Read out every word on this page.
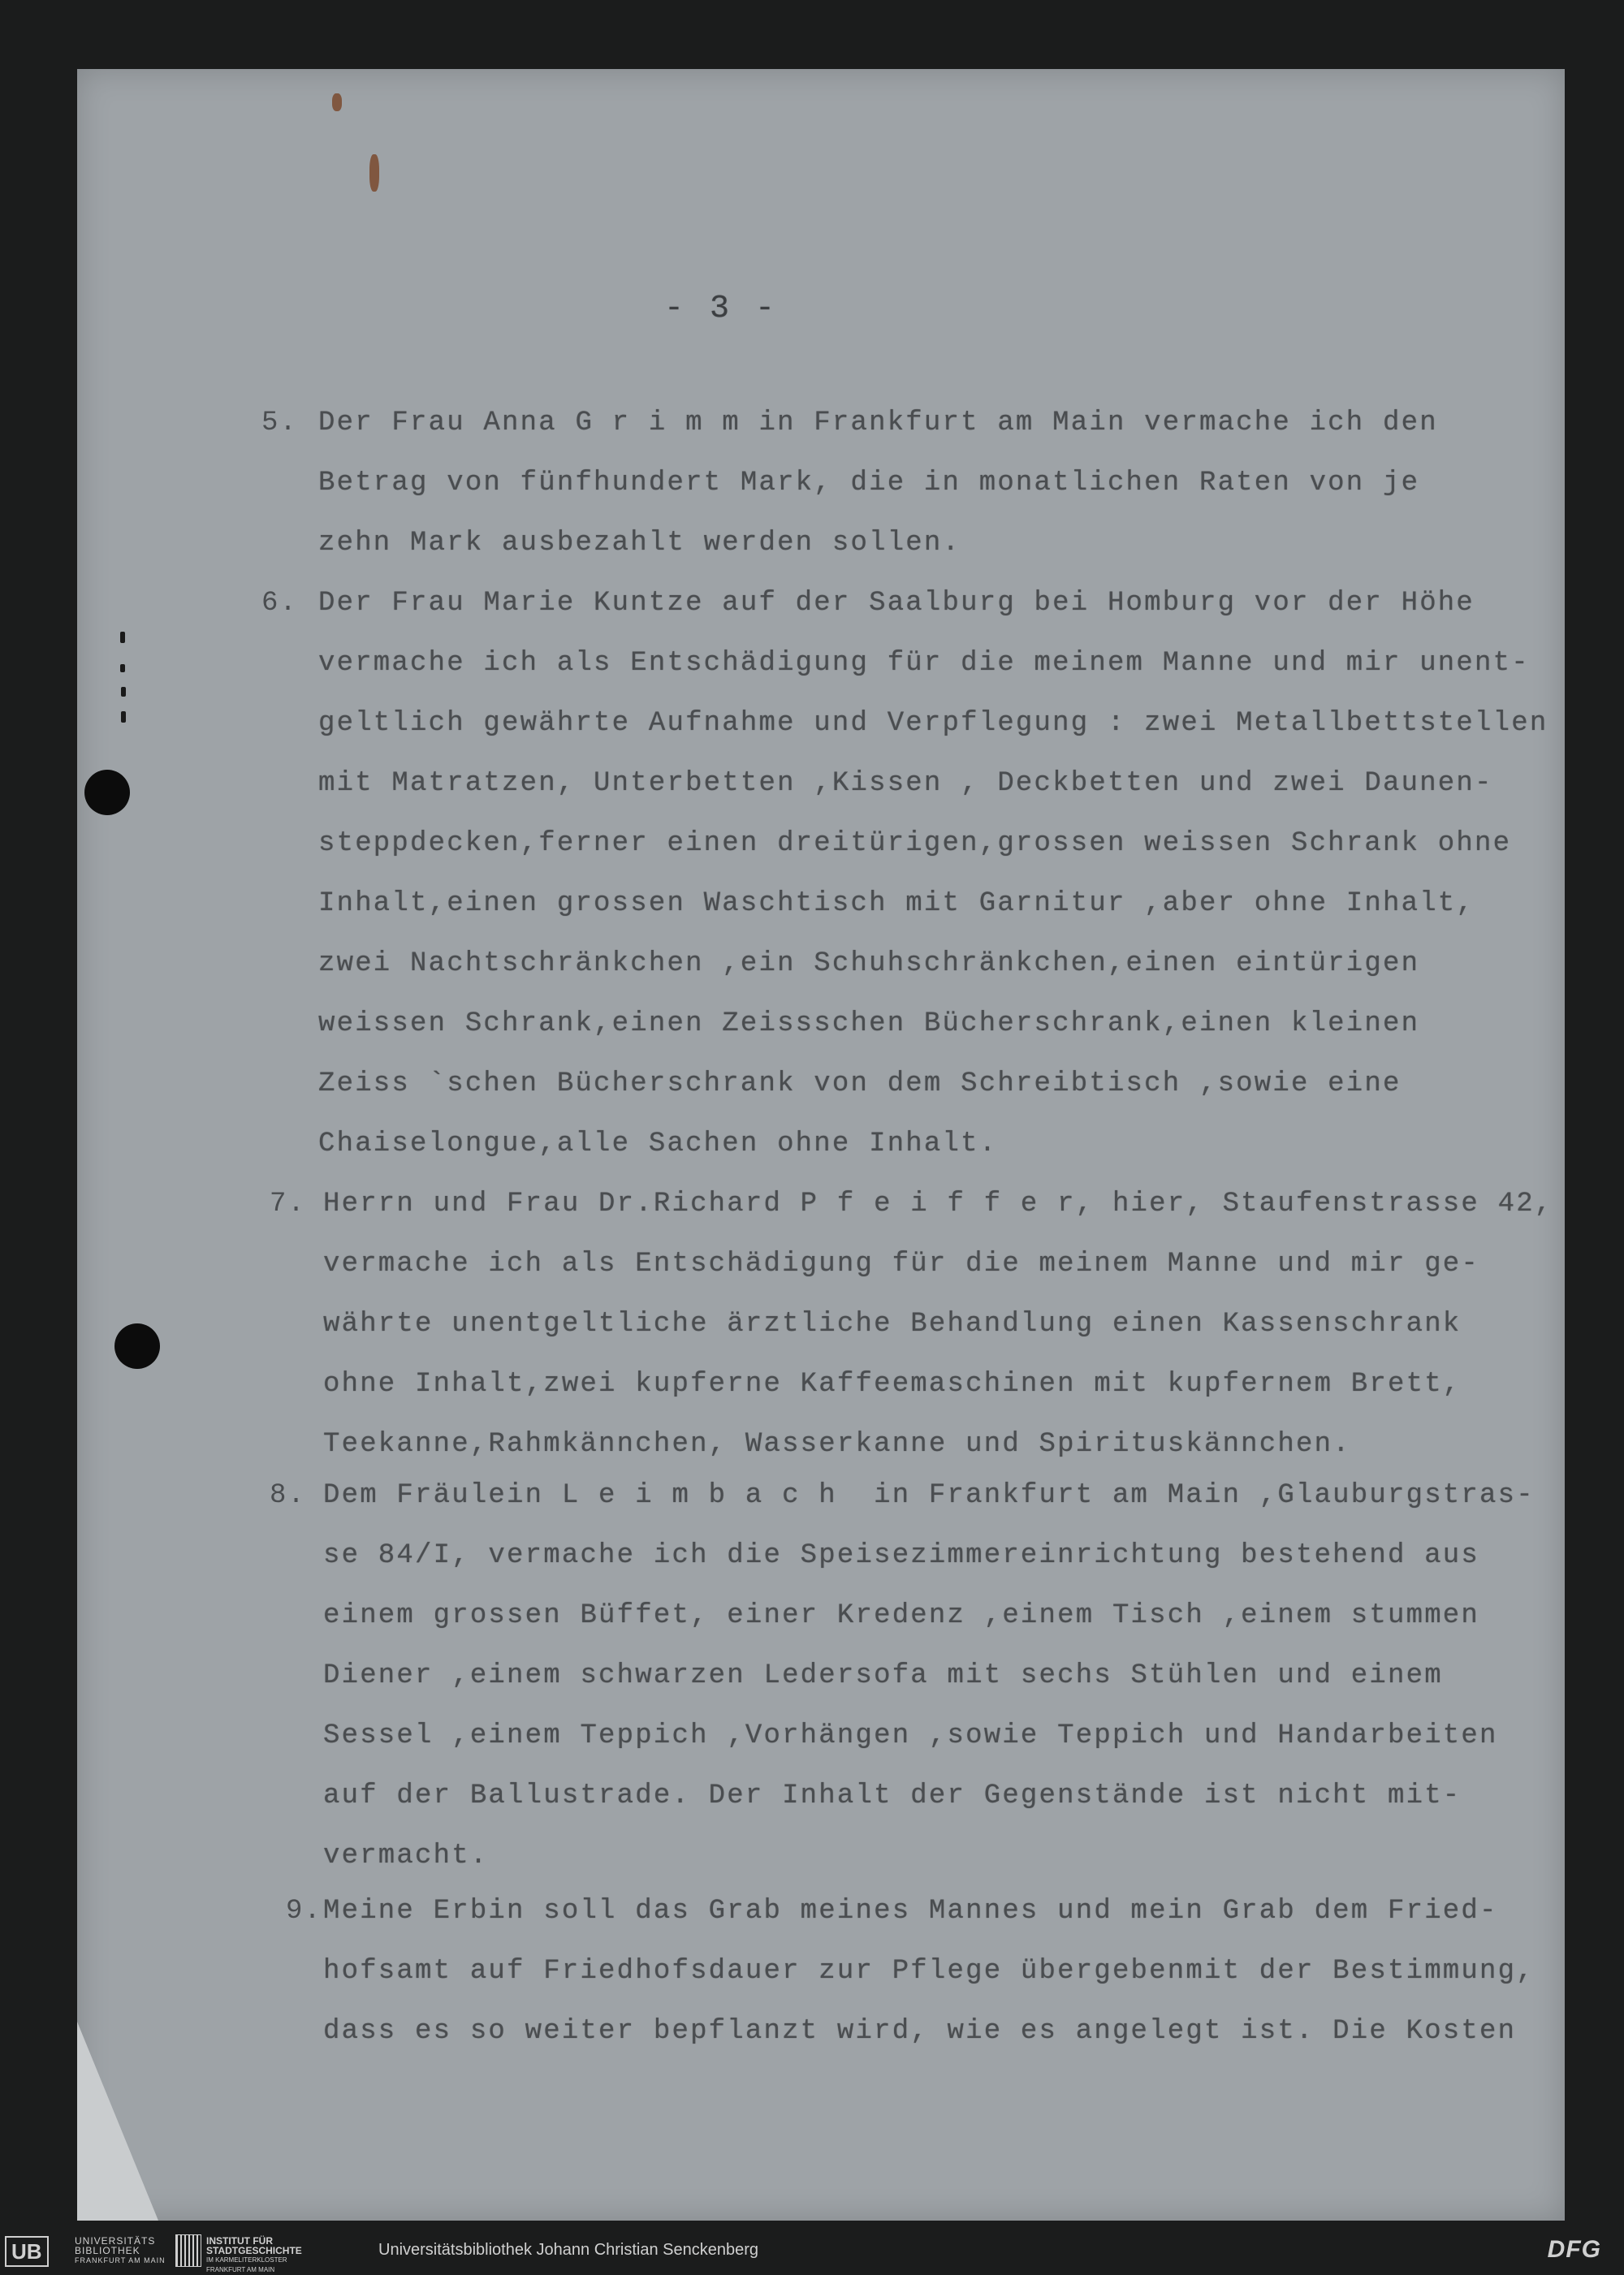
- 3 -
5. Der Frau Anna G r i m m in Frankfurt am Main vermache ich den
Betrag von fünfhundert Mark, die in monatlichen Raten von je
zehn Mark ausbezahlt werden sollen.
6. Der Frau Marie Kuntze auf der Saalburg bei Homburg vor der Höhe
vermache ich als Entschädigung für die meinem Manne und mir unent-
geltlich gewährte Aufnahme und Verpflegung : zwei Metallbettstellen
mit Matratzen, Unterbetten ,Kissen , Deckbetten und zwei Daunen-
steppdecken,ferner einen dreitürigen,grossen weissen Schrank ohne
Inhalt,einen grossen Waschtisch mit Garnitur ,aber ohne Inhalt,
zwei Nachtschränkchen ,ein Schuhschränkchen,einen eintürigen
weissen Schrank,einen Zeissschen Bücherschrank,einen kleinen
Zeiss `schen Bücherschrank von dem Schreibtisch ,sowie eine
Chaiselongue,alle Sachen ohne Inhalt.
7. Herrn und Frau Dr.Richard P f e i f f e r, hier, Staufenstrasse 42,
vermache ich als Entschädigung für die meinem Manne und mir ge-
währte unentgeltliche ärztliche Behandlung einen Kassenschrank
ohne Inhalt,zwei kupferne Kaffeemaschinen mit kupfernem Brett,
Teekanne,Rahmkännchen, Wasserkanne und Spirituskännchen.
8. Dem Fräulein L e i m b a c h  in Frankfurt am Main ,Glauburgstras-
se 84/I, vermache ich die Speisezimmereinrichtung bestehend aus
einem grossen Büffet, einer Kredenz ,einem Tisch ,einem stummen
Diener ,einem schwarzen Ledersofa mit sechs Stühlen und einem
Sessel ,einem Teppich ,Vorhängen ,sowie Teppich und Handarbeiten
auf der Ballustrade. Der Inhalt der Gegenstände ist nicht mit-
vermacht.
9. Meine Erbin soll das Grab meines Mannes und mein Grab dem Fried-
hofsamt auf Friedhofsdauer zur Pflege übergebenmit der Bestimmung,
dass es so weiter bepflanzt wird, wie es angelegt ist. Die Kosten
UB	UNIVERSITÄTS
BIBLIOTHEK
FRANKFURT AM MAIN
INSTITUT FÜR
STADTGESCHICHTE
IM KARMELITERKLOSTER
FRANKFURT AM MAIN
Universitätsbibliothek Johann Christian Senckenberg	DFG
